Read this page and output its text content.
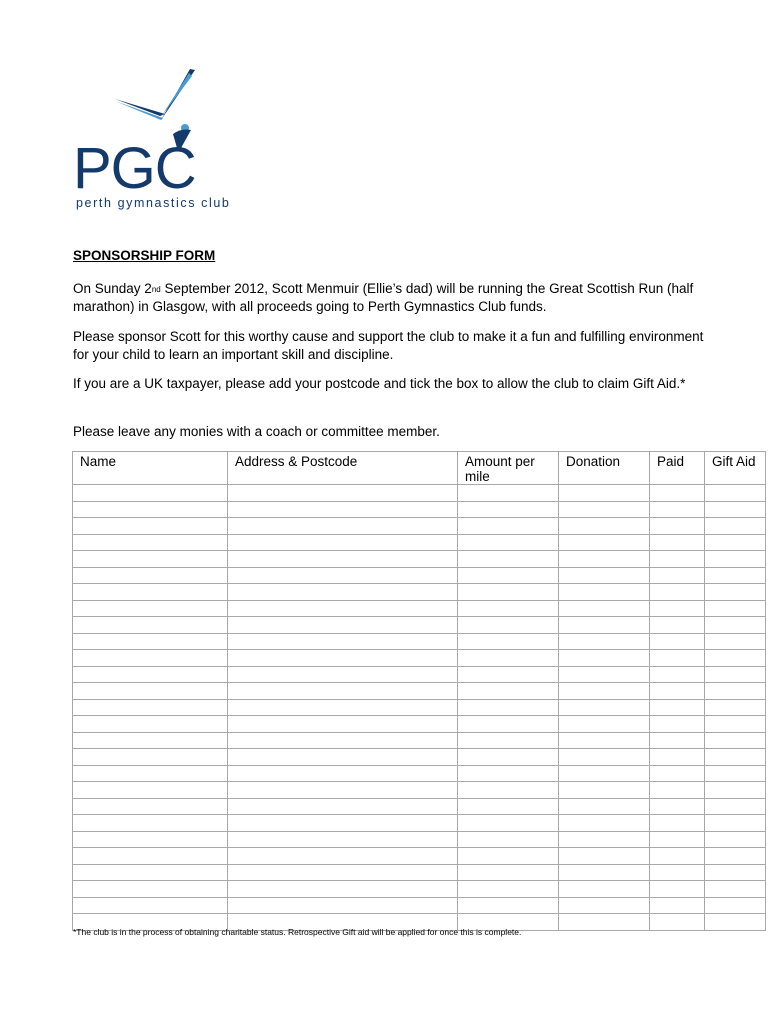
PGC
perth gymnastics club
SPONSORSHIP FORM

On Sunday 2nd September 2012, Scott Menmuir (Ellie’s dad) will be running the Great Scottish Run (half marathon) in Glasgow, with all proceeds going to Perth Gymnastics Club funds.

Please sponsor Scott for this worthy cause and support the club to make it a fun and fulfilling environment for your child to learn an important skill and discipline.

If you are a UK taxpayer, please add your postcode and tick the box to allow the club to claim Gift Aid.*

Please leave any monies with a coach or committee member.

Name	Address & Postcode	Amount per mile	Donation	Paid	Gift Aid

*The club is in the process of obtaining charitable status. Retrospective Gift aid will be applied for once this is complete.
